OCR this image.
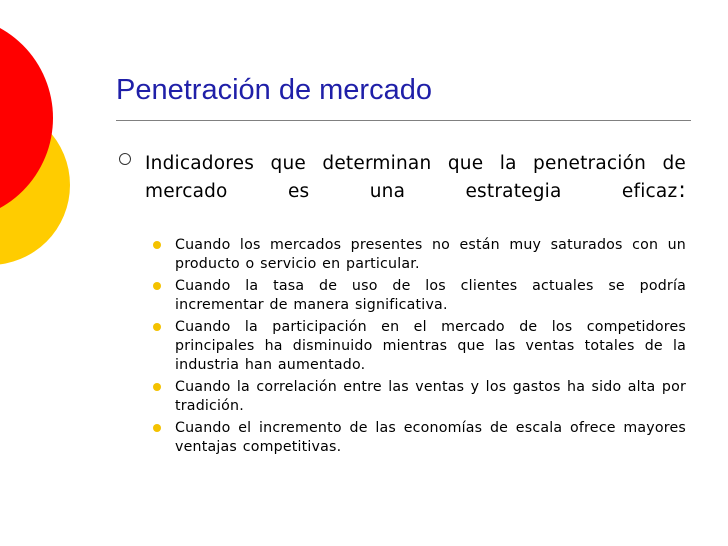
Penetración de mercado
Indicadores que determinan que la penetración de mercado es una estrategia eficaz:
Cuando los mercados presentes no están muy saturados con un producto o servicio en particular.
Cuando la tasa de uso de los clientes actuales se podría incrementar de manera significativa.
Cuando la participación en el mercado de los competidores principales ha disminuido mientras que las ventas totales de la industria han aumentado.
Cuando la correlación entre las ventas y los gastos ha sido alta por tradición.
Cuando el incremento de las economías de escala ofrece mayores ventajas competitivas.
